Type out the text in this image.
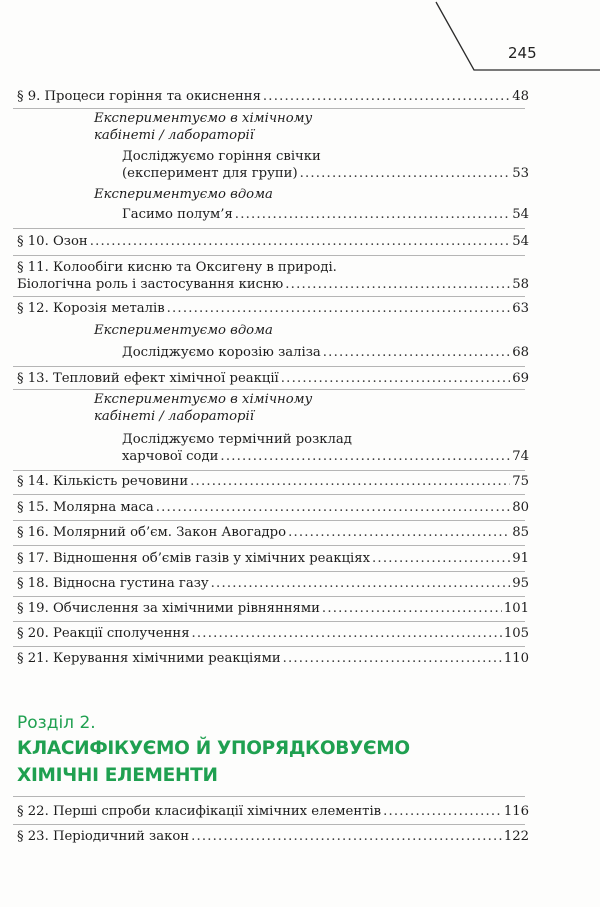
245
§ 9. Процеси горіння та окиснення .....	48
Експериментуємо в хімічному
кабінеті / лабораторії
Досліджуємо горіння свічки
(експеримент для групи) .....	53
Експериментуємо вдома
Гасимо полум’я .....	54
§ 10. Озон .....	54
§ 11. Колообіги кисню та Оксигену в природі.
Біологічна роль і застосування кисню .....	58
§ 12. Корозія металів .....	63
Експериментуємо вдома
Досліджуємо корозію заліза .....	68
§ 13. Тепловий ефект хімічної реакції .....	69
Експериментуємо в хімічному
кабінеті / лабораторії
Досліджуємо термічний розклад
харчової соди .....	74
§ 14. Кількість речовини .....	75
§ 15. Молярна маса .....	80
§ 16. Молярний об’єм. Закон Авогадро .....	85
§ 17. Відношення об’ємів газів у хімічних реакціях .....	91
§ 18. Відносна густина газу .....	95
§ 19. Обчислення за хімічними рівняннями .....	101
§ 20. Реакції сполучення .....	105
§ 21. Керування хімічними реакціями .....	110
Розділ 2.
КЛАСИФІКУЄМО Й УПОРЯДКОВУЄМО
ХІМІЧНІ ЕЛЕМЕНТИ
§ 22. Перші спроби класифікації хімічних елементів .....	116
§ 23. Періодичний закон .....	122
